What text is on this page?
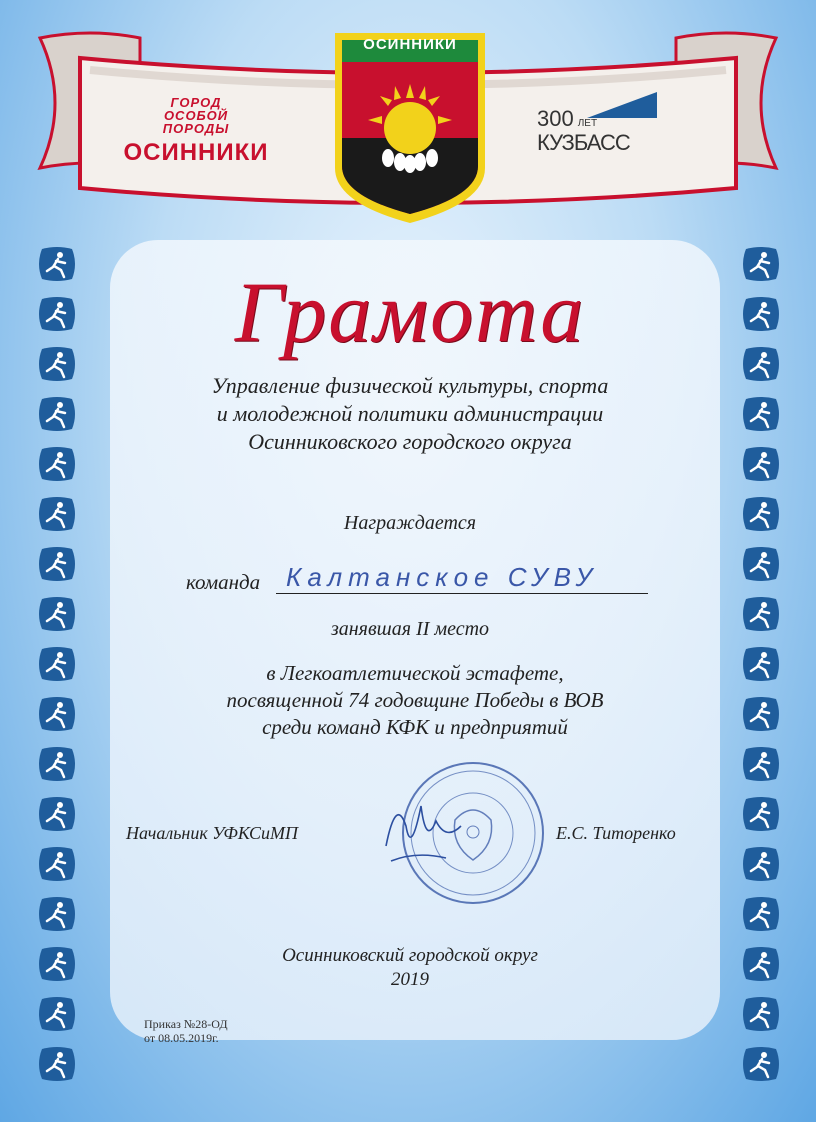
ГОРОД
ОСОБОЙ
ПОРОДЫ
ОСИННИКИ
300 ЛЕТ
КУЗБАСС
ОСИННИКИ
Грамота
Управление физической культуры, спорта
и молодежной политики администрации
Осинниковского городского округа
Награждается
команда Калтанское СУВУ
занявшая II место
в Легкоатлетической эстафете,
посвященной 74 годовщине Победы в ВОВ
среди команд КФК и предприятий
Начальник УФКСиМП	Е.С. Титоренко
Осинниковский городской округ
2019
Приказ №28-ОД
от 08.05.2019г.
